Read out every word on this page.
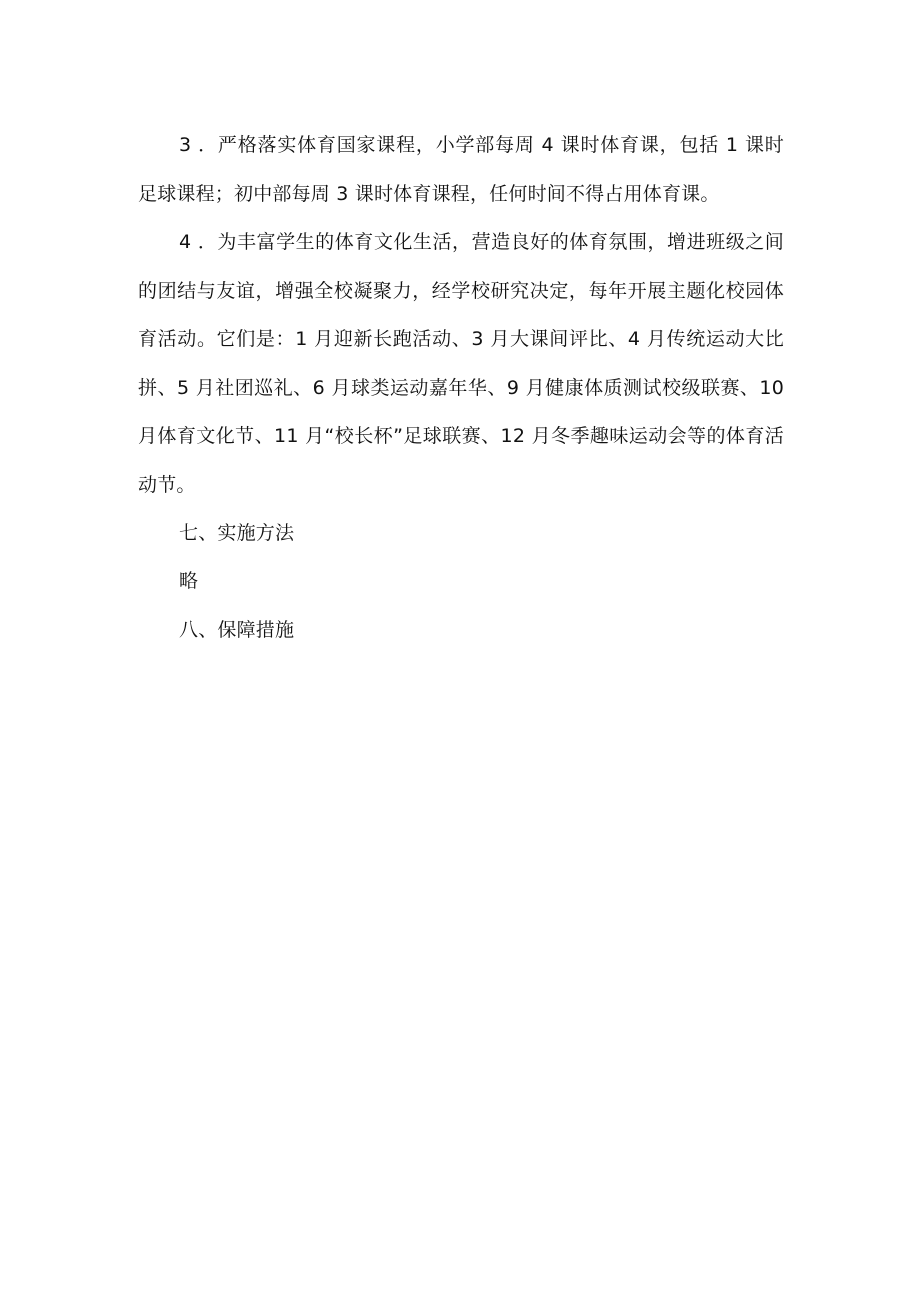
3 ．严格落实体育国家课程，小学部每周 4 课时体育课，包括 1 课时足球课程；初中部每周 3 课时体育课程，任何时间不得占用体育课。

4 ．为丰富学生的体育文化生活，营造良好的体育氛围，增进班级之间的团结与友谊，增强全校凝聚力，经学校研究决定，每年开展主题化校园体育活动。它们是：1 月迎新长跑活动、3 月大课间评比、4 月传统运动大比拼、5 月社团巡礼、6 月球类运动嘉年华、9 月健康体质测试校级联赛、10 月体育文化节、11 月“校长杯”足球联赛、12 月冬季趣味运动会等的体育活动节。

七、实施方法

略

八、保障措施
